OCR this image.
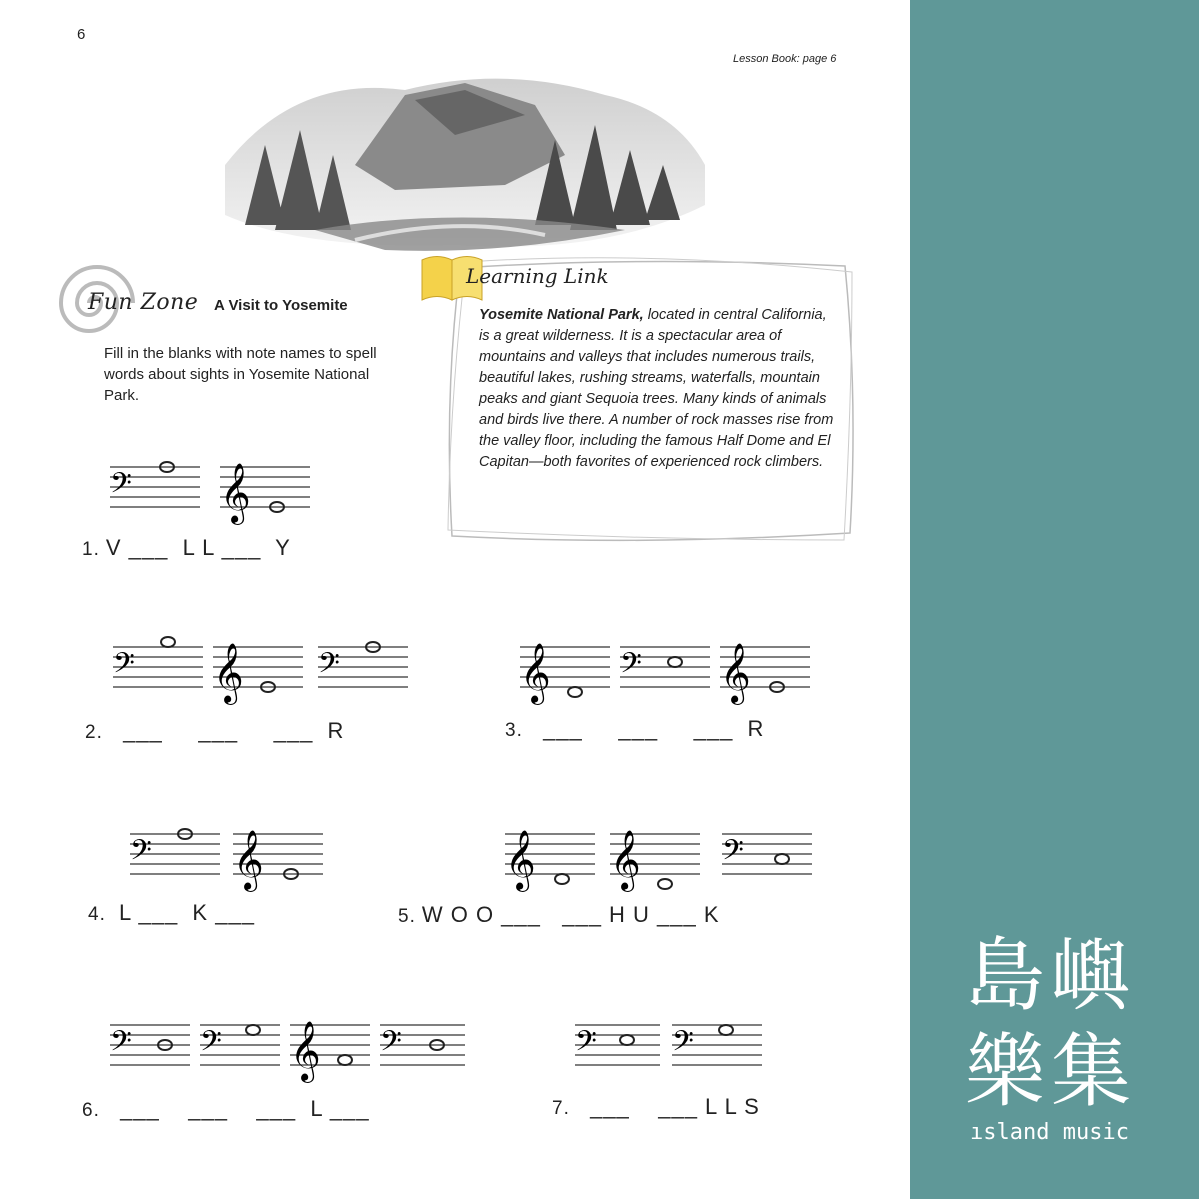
6
Lesson Book: page 6
Fun Zone A Visit to Yosemite
Fill in the blanks with note names to spell words about sights in Yosemite National Park.
Learning Link
Yosemite National Park, located in central California, is a great wilderness. It is a spectacular area of mountains and valleys that includes numerous trails, beautiful lakes, rushing streams, waterfalls, mountain peaks and giant Sequoia trees. Many kinds of animals and birds live there. A number of rock masses rise from the valley floor, including the famous Half Dome and El Capitan—both favorites of experienced rock climbers.
𝄢 𝄞
𝄢 𝄞 𝄢	𝄞 𝄢 𝄞
𝄢 𝄞	𝄞 𝄞 𝄢
𝄢 𝄢 𝄞 𝄢	𝄢 𝄢
1. V ___  L L ___  Y
2.  ___     ___     ___  R	3.  ___     ___     ___  R
4. L ___  K ___	5. W O O ___   ___ H U ___ K
6.  ___    ___    ___  L ___	7.  ___    ___ L L S
島嶼樂集
ısland music
